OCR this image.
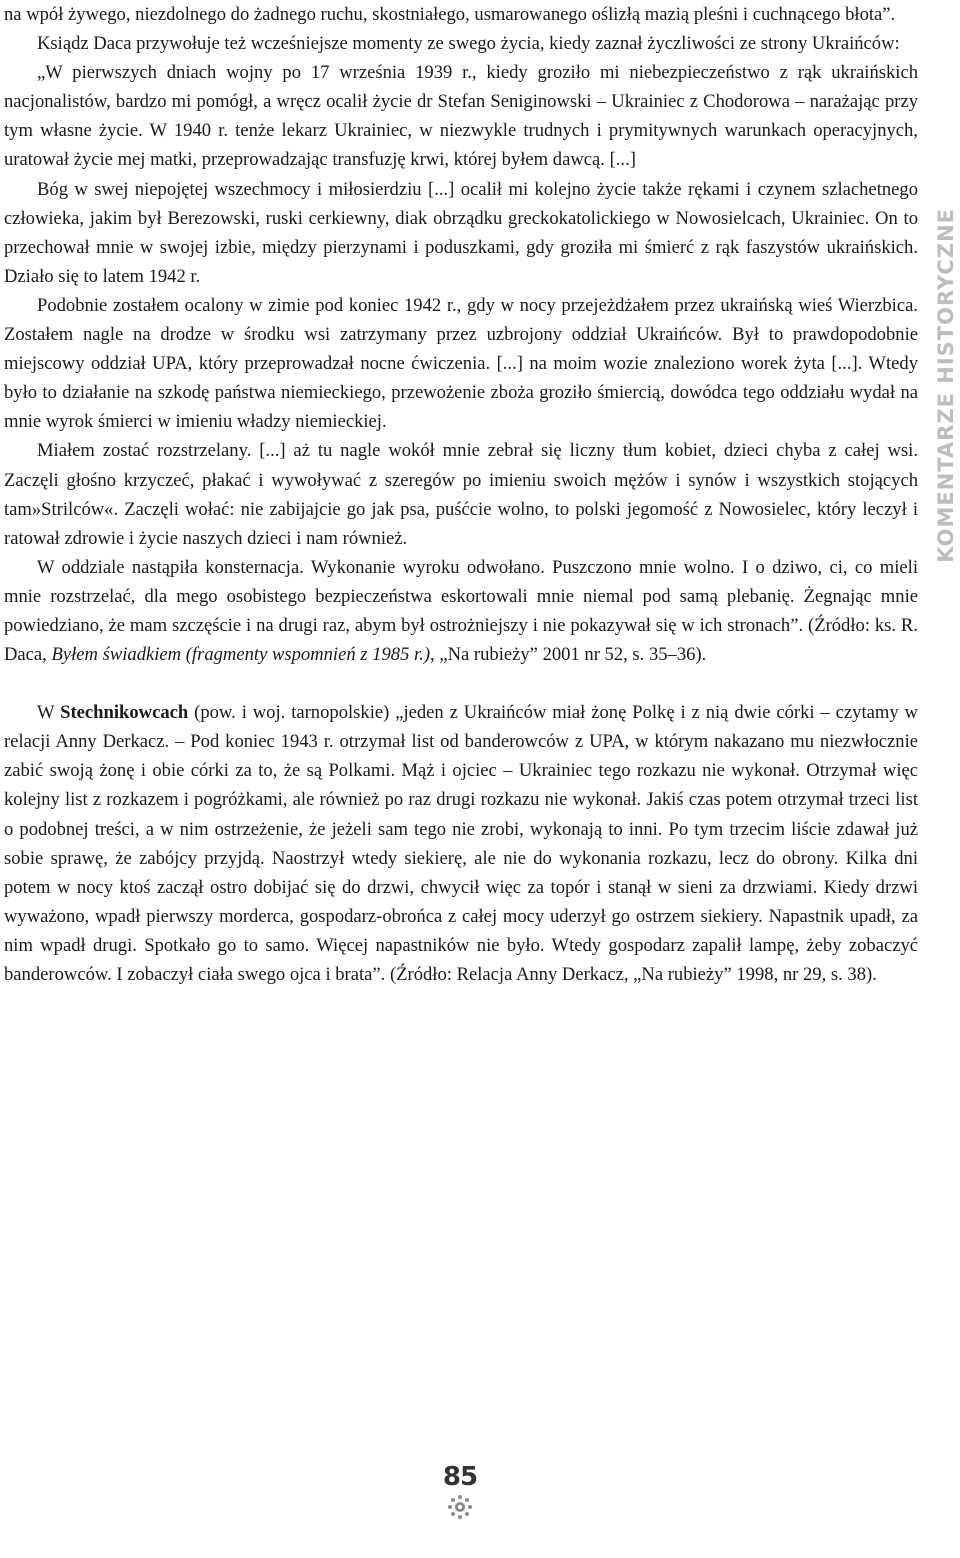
KOMENTARZE HISTORYCZNE

na wpół żywego, niezdolnego do żadnego ruchu, skostniałego, usmarowanego oślizłą mazią pleśni i cuchnącego błota”.

Ksiądz Daca przywołuje też wcześniejsze momenty ze swego życia, kiedy zaznał życzliwości ze strony Ukraińców:

„W pierwszych dniach wojny po 17 września 1939 r., kiedy groziło mi niebezpieczeństwo z rąk ukraińskich nacjonalistów, bardzo mi pomógł, a wręcz ocalił życie dr Stefan Seniginowski – Ukrainiec z Chodorowa – narażając przy tym własne życie. W 1940 r. tenże lekarz Ukrainiec, w niezwykle trudnych i prymitywnych warunkach operacyjnych, uratował życie mej matki, przeprowadzając transfuzję krwi, której byłem dawcą. [...]

Bóg w swej niepojętej wszechmocy i miłosierdziu [...] ocalił mi kolejno życie także rękami i czynem szlachetnego człowieka, jakim był Berezowski, ruski cerkiewny, diak obrządku greckokatolickiego w Nowosielcach, Ukrainiec. On to przechował mnie w swojej izbie, między pierzynami i poduszkami, gdy groziła mi śmierć z rąk faszystów ukraińskich. Działo się to latem 1942 r.

Podobnie zostałem ocalony w zimie pod koniec 1942 r., gdy w nocy przejeżdżałem przez ukraińską wieś Wierzbica. Zostałem nagle na drodze w środku wsi zatrzymany przez uzbrojony oddział Ukraińców. Był to prawdopodobnie miejscowy oddział UPA, który przeprowadzał nocne ćwiczenia. [...] na moim wozie znaleziono worek żyta [...]. Wtedy było to działanie na szkodę państwa niemieckiego, przewożenie zboża groziło śmiercią, dowódca tego oddziału wydał na mnie wyrok śmierci w imieniu władzy niemieckiej.

Miałem zostać rozstrzelany. [...] aż tu nagle wokół mnie zebrał się liczny tłum kobiet, dzieci chyba z całej wsi. Zaczęli głośno krzyczeć, płakać i wywoływać z szeregów po imieniu swoich mężów i synów i wszystkich stojących tam»Strilców«. Zaczęli wołać: nie zabijajcie go jak psa, puśćcie wolno, to polski jegomość z Nowosielec, który leczył i ratował zdrowie i życie naszych dzieci i nam również.

W oddziale nastąpiła konsternacja. Wykonanie wyroku odwołano. Puszczono mnie wolno. I o dziwo, ci, co mieli mnie rozstrzelać, dla mego osobistego bezpieczeństwa eskortowali mnie niemal pod samą plebanię. Żegnając mnie powiedziano, że mam szczęście i na drugi raz, abym był ostrożniejszy i nie pokazywał się w ich stronach”. (Źródło: ks. R. Daca, Byłem świadkiem (fragmenty wspomnień z 1985 r.), „Na rubieży” 2001 nr 52, s. 35–36).

W Stechnikowcach (pow. i woj. tarnopolskie) „jeden z Ukraińców miał żonę Polkę i z nią dwie córki – czytamy w relacji Anny Derkacz. – Pod koniec 1943 r. otrzymał list od banderowców z UPA, w którym nakazano mu niezwłocznie zabić swoją żonę i obie córki za to, że są Polkami. Mąż i ojciec – Ukrainiec tego rozkazu nie wykonał. Otrzymał więc kolejny list z rozkazem i pogróżkami, ale również po raz drugi rozkazu nie wykonał. Jakiś czas potem otrzymał trzeci list o podobnej treści, a w nim ostrzeżenie, że jeżeli sam tego nie zrobi, wykonają to inni. Po tym trzecim liście zdawał już sobie sprawę, że zabójcy przyjdą. Naostrzył wtedy siekierę, ale nie do wykonania rozkazu, lecz do obrony. Kilka dni potem w nocy ktoś zaczął ostro dobijać się do drzwi, chwycił więc za topór i stanął w sieni za drzwiami. Kiedy drzwi wyważono, wpadł pierwszy morderca, gospodarz-obrońca z całej mocy uderzył go ostrzem siekiery. Napastnik upadł, za nim wpadł drugi. Spotkało go to samo. Więcej napastników nie było. Wtedy gospodarz zapalił lampę, żeby zobaczyć banderowców. I zobaczył ciała swego ojca i brata”. (Źródło: Relacja Anny Derkacz, „Na rubieży” 1998, nr 29, s. 38).

85
